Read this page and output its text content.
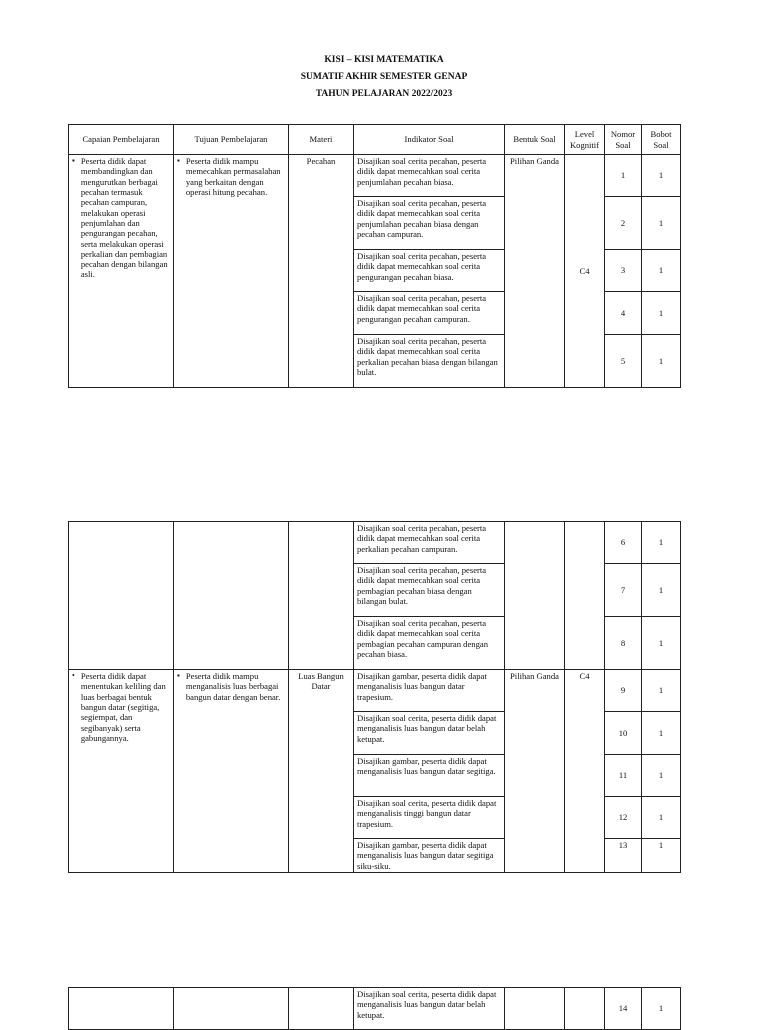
KISI – KISI MATEMATIKA
SUMATIF AKHIR SEMESTER GENAP
TAHUN PELAJARAN 2022/2023
Capaian Pembelajaran	Tujuan Pembelajaran	Materi	Indikator Soal	Bentuk Soal	Level Kognitif	Nomor Soal	Bobot Soal

▪ Peserta didik dapat membandingkan dan mengurutkan berbagai pecahan termasuk pecahan campuran, melakukan operasi penjumlahan dan pengurangan pecahan, serta melakukan operasi perkalian dan pembagian pecahan dengan bilangan asli.	▪ Peserta didik mampu memecahkan permasalahan yang berkaitan dengan operasi hitung pecahan.	Pecahan	Disajikan soal cerita pecahan, peserta didik dapat memecahkan soal cerita penjumlahan pecahan biasa.	Pilihan Ganda	C4	1	1
			Disajikan soal cerita pecahan, peserta didik dapat memecahkan soal cerita penjumlahan pecahan biasa dengan pecahan campuran.			2	1
			Disajikan soal cerita pecahan, peserta didik dapat memecahkan soal cerita pengurangan pecahan biasa.			3	1
			Disajikan soal cerita pecahan, peserta didik dapat memecahkan soal cerita pengurangan pecahan campuran.			4	1
			Disajikan soal cerita pecahan, peserta didik dapat memecahkan soal cerita perkalian pecahan biasa dengan bilangan bulat.			5	1
			Disajikan soal cerita pecahan, peserta didik dapat memecahkan soal cerita perkalian pecahan campuran.			6	1
			Disajikan soal cerita pecahan, peserta didik dapat memecahkan soal cerita pembagian pecahan biasa dengan bilangan bulat.			7	1
			Disajikan soal cerita pecahan, peserta didik dapat memecahkan soal cerita pembagian pecahan campuran dengan pecahan biasa.			8	1

• Peserta didik dapat menentukan keliling dan luas berbagai bentuk bangun datar (segitiga, segiempat, dan segibanyak) serta gabungannya.	▪ Peserta didik mampu menganalisis luas berbagai bangun datar dengan benar.	Luas Bangun Datar	Disajikan gambar, peserta didik dapat menganalisis luas bangun datar trapesium.	Pilihan Ganda	C4	9	1
			Disajikan soal cerita, peserta didik dapat menganalisis luas bangun datar belah ketupat.			10	1
			Disajikan gambar, peserta didik dapat menganalisis luas bangun datar segitiga.			11	1
			Disajikan soal cerita, peserta didik dapat menganalisis tinggi bangun datar trapesium.			12	1
			Disajikan gambar, peserta didik dapat menganalisis luas bangun datar segitiga siku-siku.			13	1
			Disajikan soal cerita, peserta didik dapat menganalisis luas bangun datar belah ketupat.			14	1
